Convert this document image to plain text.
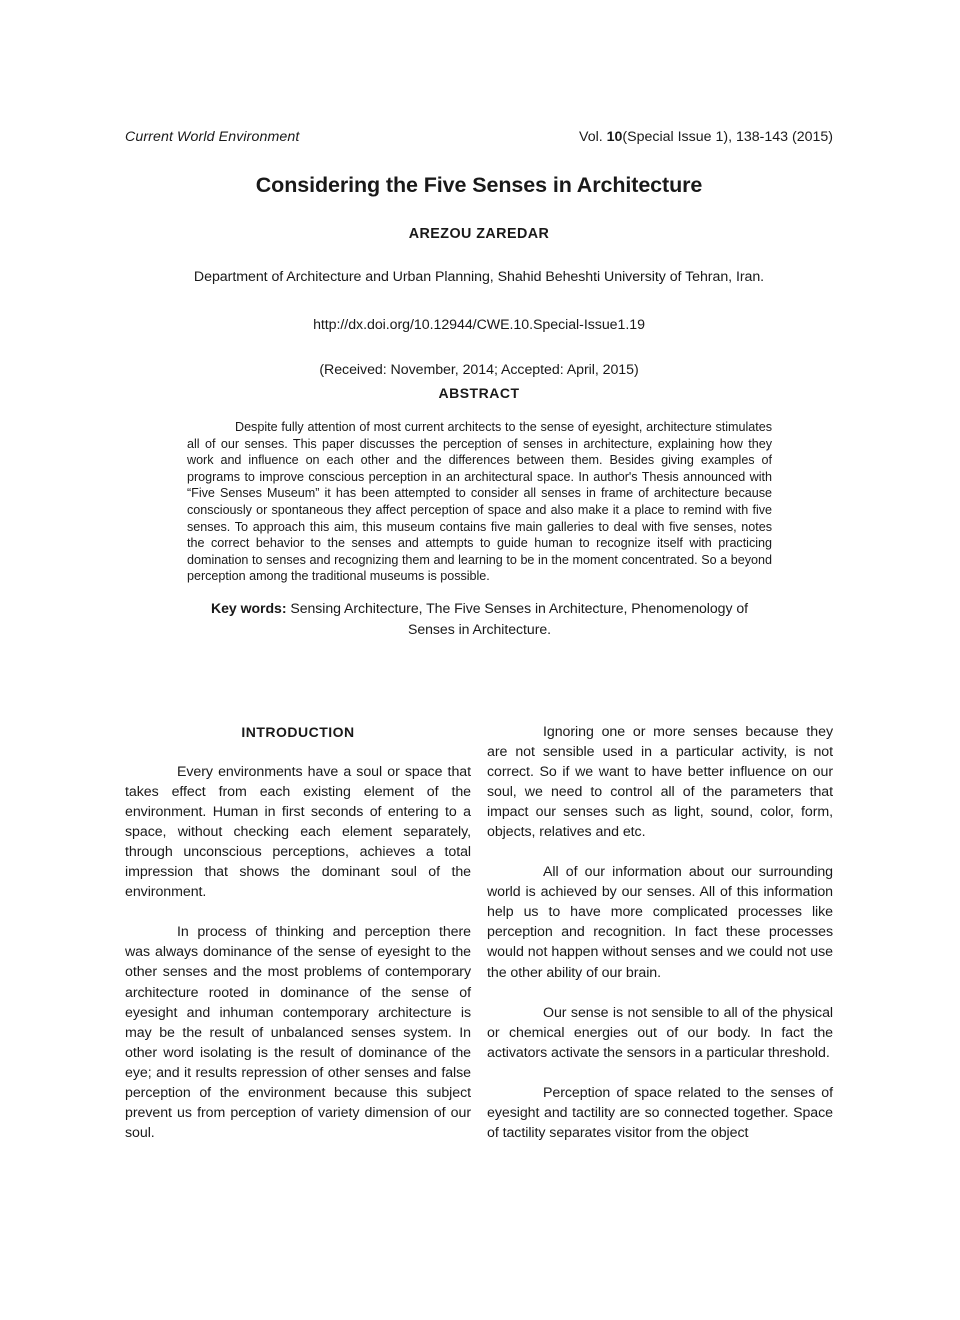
Current World Environment	Vol. 10(Special Issue 1), 138-143 (2015)
Considering the Five Senses in Architecture

AREZOU ZAREDAR

Department of Architecture and Urban Planning, Shahid Beheshti University of Tehran, Iran.

http://dx.doi.org/10.12944/CWE.10.Special-Issue1.19

(Received: November, 2014; Accepted: April, 2015)

ABSTRACT
Despite fully attention of most current architects to the sense of eyesight, architecture stimulates all of our senses. This paper discusses the perception of senses in architecture, explaining how they work and influence on each other and the differences between them. Besides giving examples of programs to improve conscious perception in an architectural space. In author's Thesis announced with “Five Senses Museum” it has been attempted to consider all senses in frame of architecture because consciously or spontaneous they affect perception of space and also make it a place to remind with five senses. To approach this aim, this museum contains five main galleries to deal with five senses, notes the correct behavior to the senses and attempts to guide human to recognize itself with practicing domination to senses and recognizing them and learning to be in the moment concentrated. So a beyond perception among the traditional museums is possible.
Key words: Sensing Architecture, The Five Senses in Architecture, Phenomenology of Senses in Architecture.

INTRODUCTION

Every environments have a soul or space that takes effect from each existing element of the environment. Human in first seconds of entering to a space, without checking each element separately, through unconscious perceptions, achieves a total impression that shows the dominant soul of the environment.

In process of thinking and perception there was always dominance of the sense of eyesight to the other senses and the most problems of contemporary architecture rooted in dominance of the sense of eyesight and inhuman contemporary architecture is may be the result of unbalanced senses system. In other word isolating is the result of dominance of the eye; and it results repression of other senses and false perception of the environment because this subject prevent us from perception of variety dimension of our soul.

Ignoring one or more senses because they are not sensible used in a particular activity, is not correct. So if we want to have better influence on our soul, we need to control all of the parameters that impact our senses such as light, sound, color, form, objects, relatives and etc.

All of our information about our surrounding world is achieved by our senses. All of this information help us to have more complicated processes like perception and recognition. In fact these processes would not happen without senses and we could not use the other ability of our brain.

Our sense is not sensible to all of the physical or chemical energies out of our body. In fact the activators activate the sensors in a particular threshold.

Perception of space related to the senses of eyesight and tactility are so connected together. Space of tactility separates visitor from the object
